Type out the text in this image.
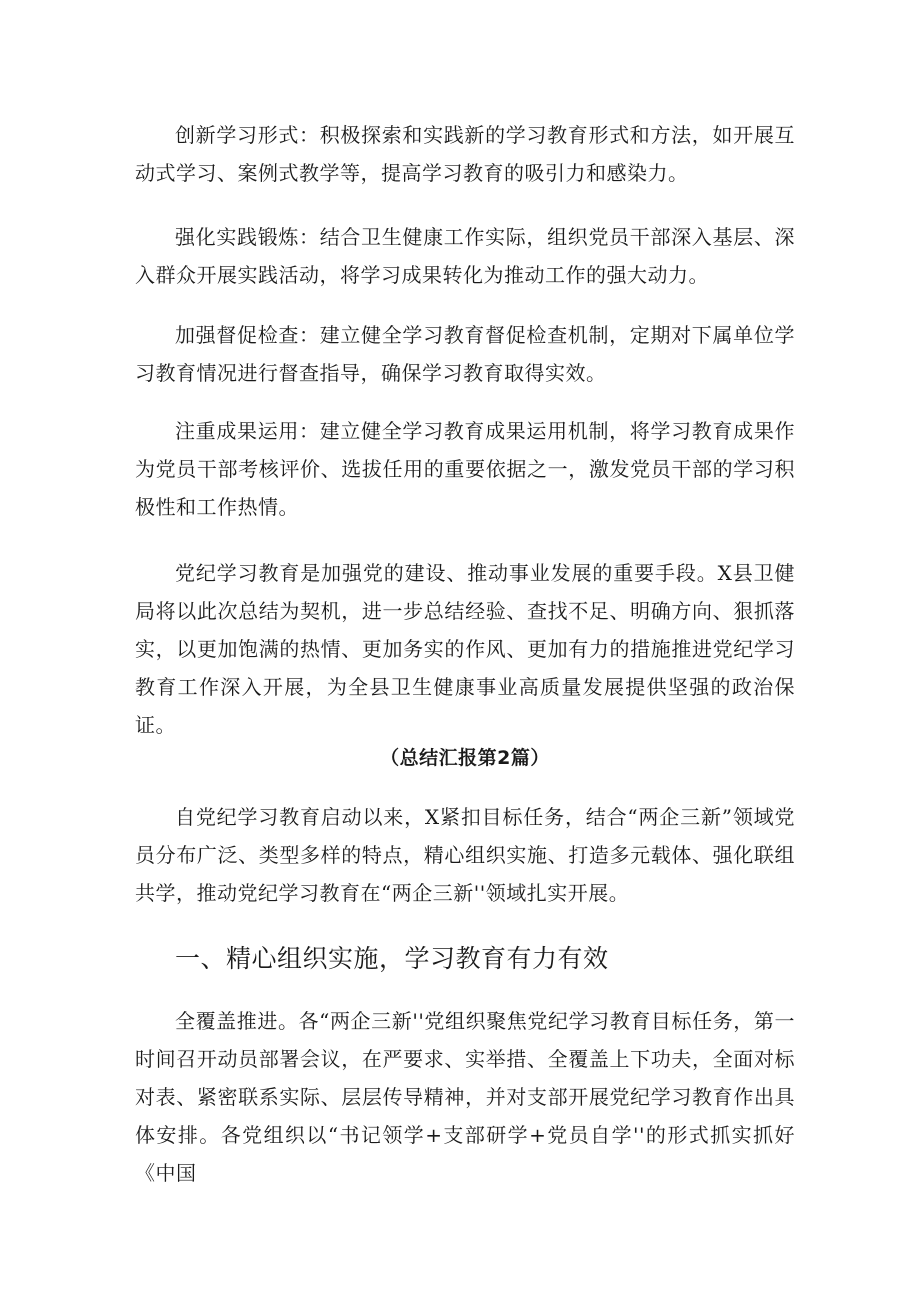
创新学习形式：积极探索和实践新的学习教育形式和方法，如开展互动式学习、案例式教学等，提高学习教育的吸引力和感染力。

强化实践锻炼：结合卫生健康工作实际，组织党员干部深入基层、深入群众开展实践活动，将学习成果转化为推动工作的强大动力。

加强督促检查：建立健全学习教育督促检查机制，定期对下属单位学习教育情况进行督查指导，确保学习教育取得实效。

注重成果运用：建立健全学习教育成果运用机制，将学习教育成果作为党员干部考核评价、选拔任用的重要依据之一，激发党员干部的学习积极性和工作热情。

党纪学习教育是加强党的建设、推动事业发展的重要手段。X县卫健局将以此次总结为契机，进一步总结经验、查找不足、明确方向、狠抓落实，以更加饱满的热情、更加务实的作风、更加有力的措施推进党纪学习教育工作深入开展，为全县卫生健康事业高质量发展提供坚强的政治保证。

（总结汇报第2篇）

自党纪学习教育启动以来，X紧扣目标任务，结合“两企三新”领域党员分布广泛、类型多样的特点，精心组织实施、打造多元载体、强化联组共学，推动党纪学习教育在“两企三新''领域扎实开展。

一、精心组织实施，学习教育有力有效

全覆盖推进。各“两企三新''党组织聚焦党纪学习教育目标任务，第一时间召开动员部署会议，在严要求、实举措、全覆盖上下功夫，全面对标对表、紧密联系实际、层层传导精神，并对支部开展党纪学习教育作出具体安排。各党组织以“书记领学+支部研学+党员自学''的形式抓实抓好《中国
